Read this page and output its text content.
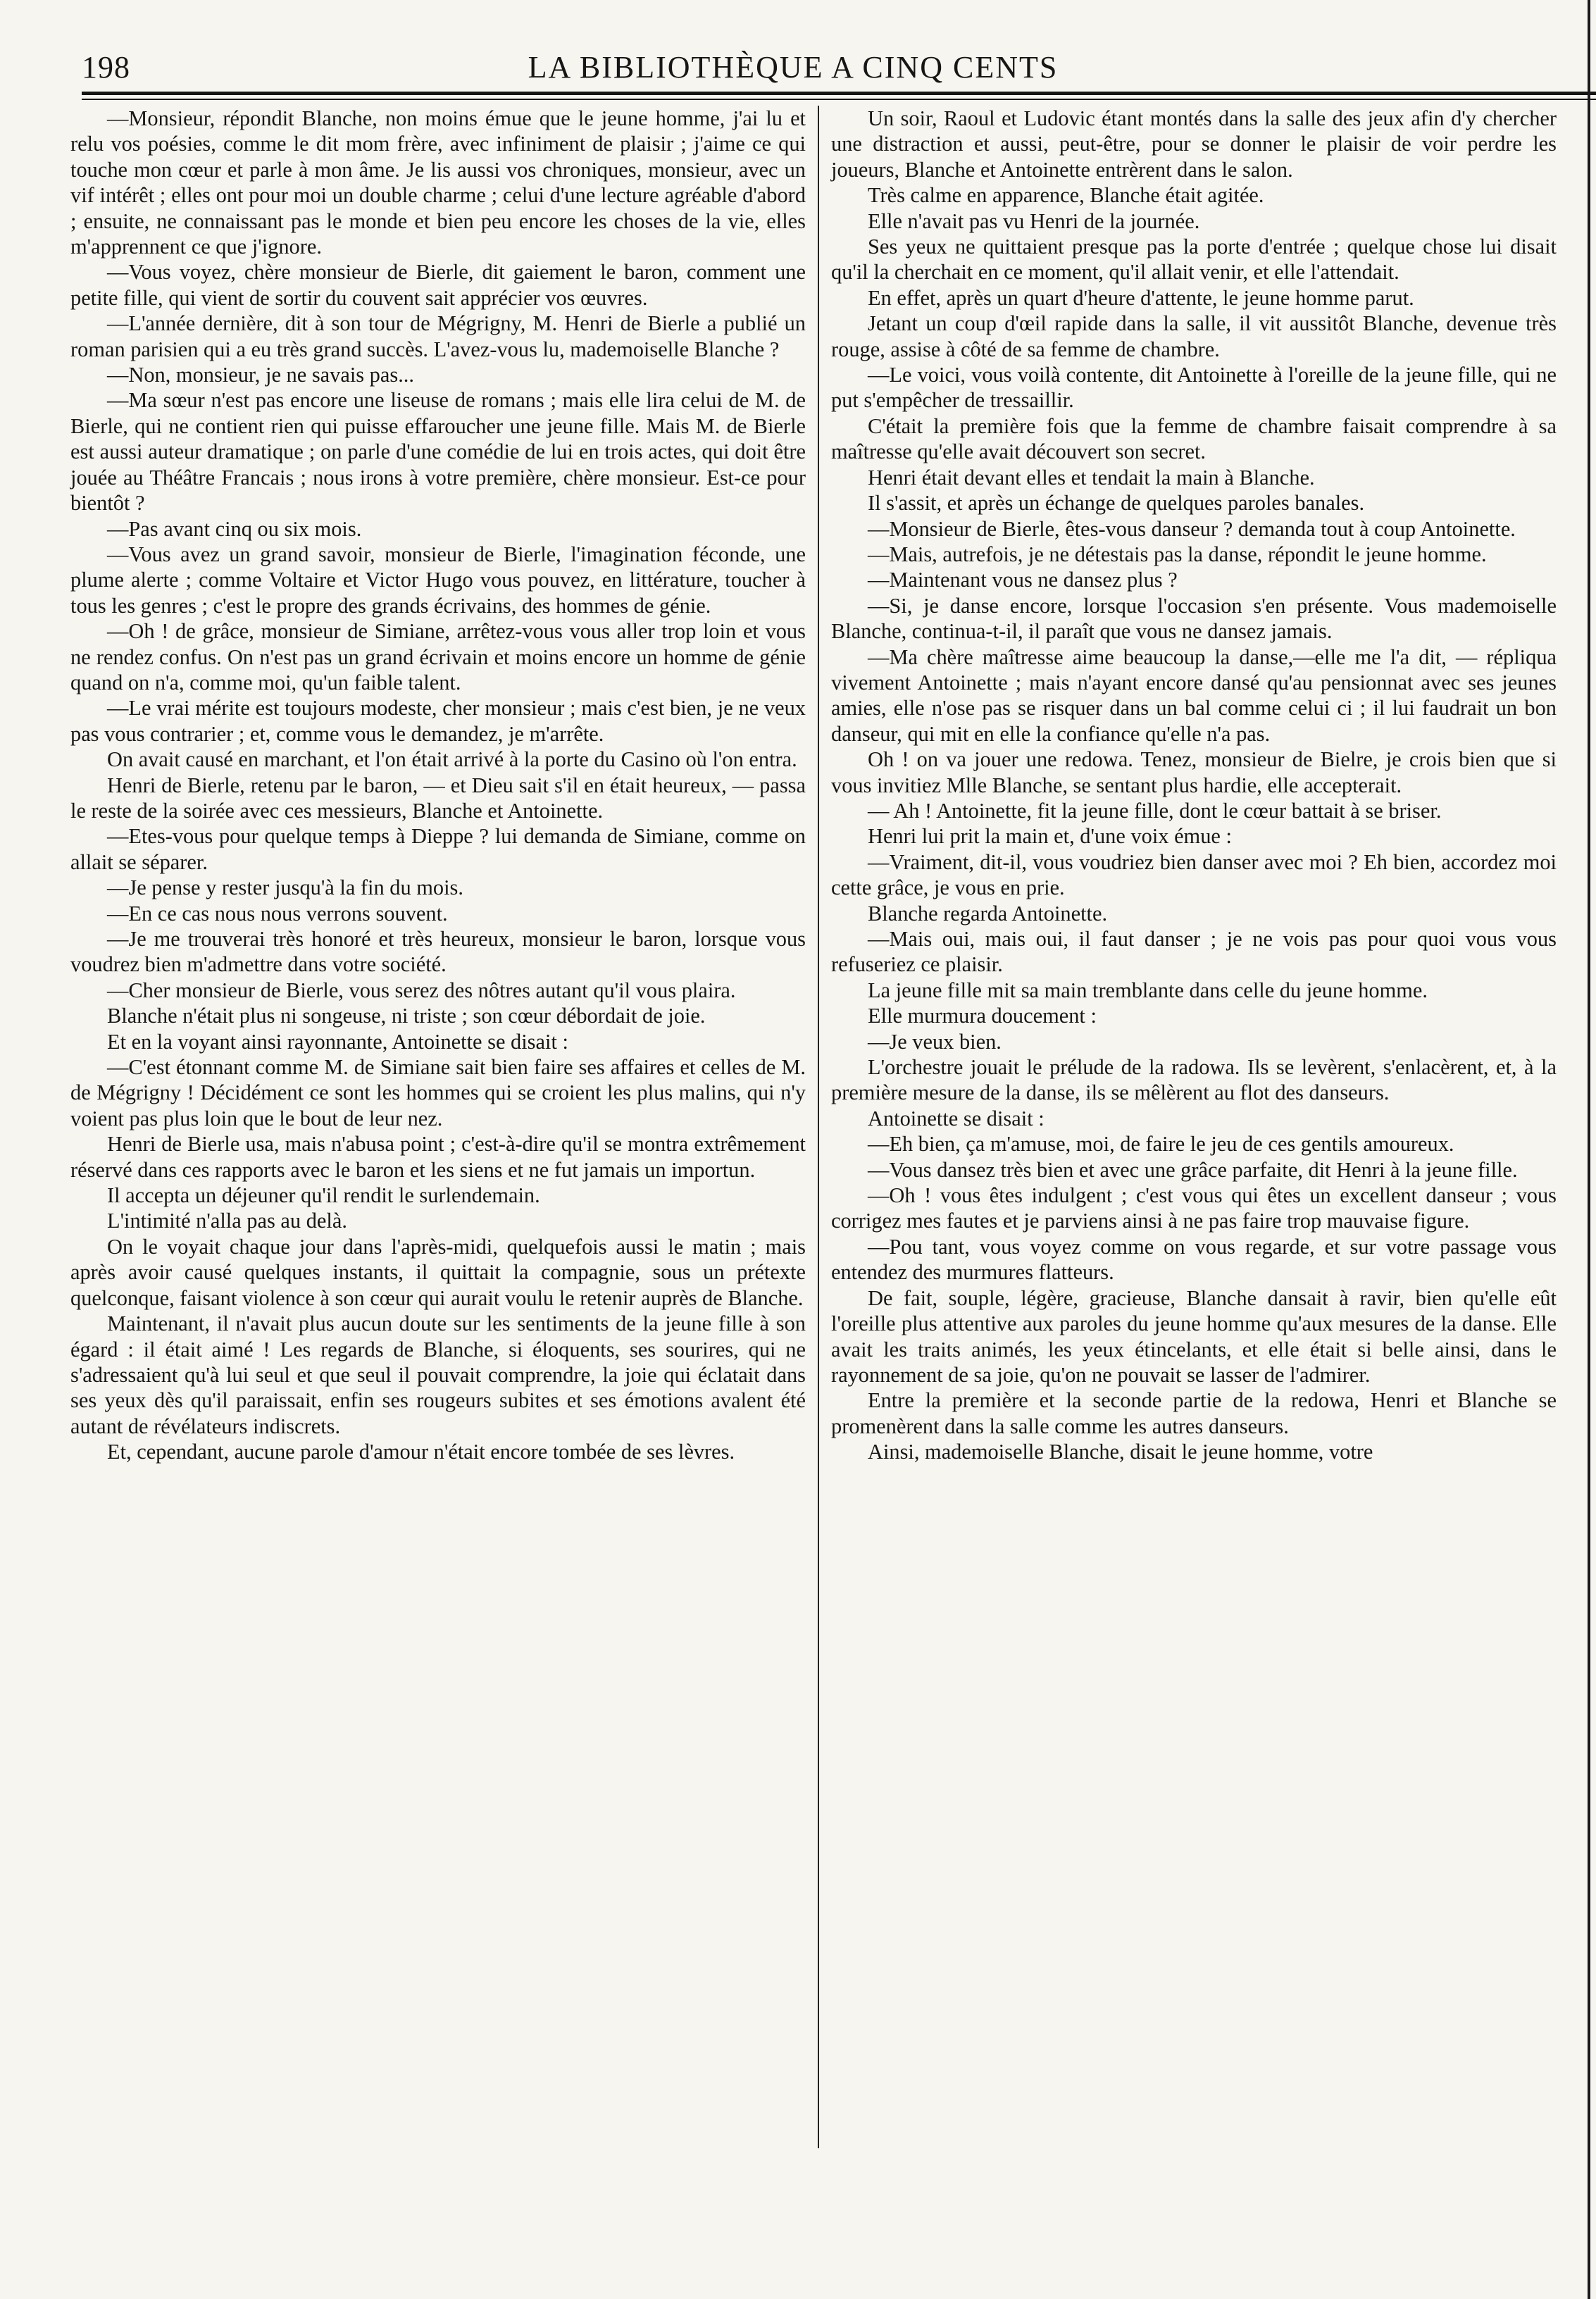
198	LA BIBLIOTHÈQUE A CINQ CENTS

—Monsieur, répondit Blanche, non moins émue que le jeune homme, j'ai lu et relu vos poésies, comme le dit mom frère, avec infiniment de plaisir ; j'aime ce qui touche mon cœur et parle à mon âme. Je lis aussi vos chroniques, monsieur, avec un vif intérêt ; elles ont pour moi un double charme ; celui d'une lecture agréable d'abord ; ensuite, ne connaissant pas le monde et bien peu encore les choses de la vie, elles m'apprennent ce que j'ignore.

—Vous voyez, chère monsieur de Bierle, dit gaiement le baron, comment une petite fille, qui vient de sortir du couvent sait apprécier vos œuvres.

—L'année dernière, dit à son tour de Mégrigny, M. Henri de Bierle a publié un roman parisien qui a eu très grand succès. L'avez-vous lu, mademoiselle Blanche ?

—Non, monsieur, je ne savais pas...

—Ma sœur n'est pas encore une liseuse de romans ; mais elle lira celui de M. de Bierle, qui ne contient rien qui puisse effaroucher une jeune fille. Mais M. de Bierle est aussi auteur dramatique ; on parle d'une comédie de lui en trois actes, qui doit être jouée au Théâtre Francais ; nous irons à votre première, chère monsieur. Est-ce pour bientôt ?

—Pas avant cinq ou six mois.

—Vous avez un grand savoir, monsieur de Bierle, l'imagination féconde, une plume alerte ; comme Voltaire et Victor Hugo vous pouvez, en littérature, toucher à tous les genres ; c'est le propre des grands écrivains, des hommes de génie.

—Oh ! de grâce, monsieur de Simiane, arrêtez-vous vous aller trop loin et vous ne rendez confus. On n'est pas un grand écrivain et moins encore un homme de génie quand on n'a, comme moi, qu'un faible talent.

—Le vrai mérite est toujours modeste, cher monsieur ; mais c'est bien, je ne veux pas vous contrarier ; et, comme vous le demandez, je m'arrête.

On avait causé en marchant, et l'on était arrivé à la porte du Casino où l'on entra.

Henri de Bierle, retenu par le baron, — et Dieu sait s'il en était heureux, — passa le reste de la soirée avec ces messieurs, Blanche et Antoinette.

—Etes-vous pour quelque temps à Dieppe ? lui demanda de Simiane, comme on allait se séparer.

—Je pense y rester jusqu'à la fin du mois.

—En ce cas nous nous verrons souvent.

—Je me trouverai très honoré et très heureux, monsieur le baron, lorsque vous voudrez bien m'admettre dans votre société.

—Cher monsieur de Bierle, vous serez des nôtres autant qu'il vous plaira.

Blanche n'était plus ni songeuse, ni triste ; son cœur débordait de joie.

Et en la voyant ainsi rayonnante, Antoinette se disait :

—C'est étonnant comme M. de Simiane sait bien faire ses affaires et celles de M. de Mégrigny ! Décidément ce sont les hommes qui se croient les plus malins, qui n'y voient pas plus loin que le bout de leur nez.

Henri de Bierle usa, mais n'abusa point ; c'est-à-dire qu'il se montra extrêmement réservé dans ces rapports avec le baron et les siens et ne fut jamais un importun.

Il accepta un déjeuner qu'il rendit le surlendemain.

L'intimité n'alla pas au delà.

On le voyait chaque jour dans l'après-midi, quelquefois aussi le matin ; mais après avoir causé quelques instants, il quittait la compagnie, sous un prétexte quelconque, faisant violence à son cœur qui aurait voulu le retenir auprès de Blanche.

Maintenant, il n'avait plus aucun doute sur les sentiments de la jeune fille à son égard : il était aimé ! Les regards de Blanche, si éloquents, ses sourires, qui ne s'adressaient qu'à lui seul et que seul il pouvait comprendre, la joie qui éclatait dans ses yeux dès qu'il paraissait, enfin ses rougeurs subites et ses émotions avalent été autant de révélateurs indiscrets.

Et, cependant, aucune parole d'amour n'était encore tombée de ses lèvres.

Un soir, Raoul et Ludovic étant montés dans la salle des jeux afin d'y chercher une distraction et aussi, peut-être, pour se donner le plaisir de voir perdre les joueurs, Blanche et Antoinette entrèrent dans le salon.

Très calme en apparence, Blanche était agitée.

Elle n'avait pas vu Henri de la journée.

Ses yeux ne quittaient presque pas la porte d'entrée ; quelque chose lui disait qu'il la cherchait en ce moment, qu'il allait venir, et elle l'attendait.

En effet, après un quart d'heure d'attente, le jeune homme parut.

Jetant un coup d'œil rapide dans la salle, il vit aussitôt Blanche, devenue très rouge, assise à côté de sa femme de chambre.

—Le voici, vous voilà contente, dit Antoinette à l'oreille de la jeune fille, qui ne put s'empêcher de tressaillir.

C'était la première fois que la femme de chambre faisait comprendre à sa maîtresse qu'elle avait découvert son secret.

Henri était devant elles et tendait la main à Blanche.

Il s'assit, et après un échange de quelques paroles banales.

—Monsieur de Bierle, êtes-vous danseur ? demanda tout à coup Antoinette.

—Mais, autrefois, je ne détestais pas la danse, répondit le jeune homme.

—Maintenant vous ne dansez plus ?

—Si, je danse encore, lorsque l'occasion s'en présente. Vous mademoiselle Blanche, continua-t-il, il paraît que vous ne dansez jamais.

—Ma chère maîtresse aime beaucoup la danse,—elle me l'a dit, — répliqua vivement Antoinette ; mais n'ayant encore dansé qu'au pensionnat avec ses jeunes amies, elle n'ose pas se risquer dans un bal comme celui ci ; il lui faudrait un bon danseur, qui mit en elle la confiance qu'elle n'a pas.

Oh ! on va jouer une redowa. Tenez, monsieur de Bielre, je crois bien que si vous invitiez Mlle Blanche, se sentant plus hardie, elle accepterait.

— Ah ! Antoinette, fit la jeune fille, dont le cœur battait à se briser.

Henri lui prit la main et, d'une voix émue :

—Vraiment, dit-il, vous voudriez bien danser avec moi ? Eh bien, accordez moi cette grâce, je vous en prie.

Blanche regarda Antoinette.

—Mais oui, mais oui, il faut danser ; je ne vois pas pour quoi vous vous refuseriez ce plaisir.

La jeune fille mit sa main tremblante dans celle du jeune homme.

Elle murmura doucement :

—Je veux bien.

L'orchestre jouait le prélude de la radowa. Ils se levèrent, s'enlacèrent, et, à la première mesure de la danse, ils se mêlèrent au flot des danseurs.

Antoinette se disait :

—Eh bien, ça m'amuse, moi, de faire le jeu de ces gentils amoureux.

—Vous dansez très bien et avec une grâce parfaite, dit Henri à la jeune fille.

—Oh ! vous êtes indulgent ; c'est vous qui êtes un excellent danseur ; vous corrigez mes fautes et je parviens ainsi à ne pas faire trop mauvaise figure.

—Pou tant, vous voyez comme on vous regarde, et sur votre passage vous entendez des murmures flatteurs.

De fait, souple, légère, gracieuse, Blanche dansait à ravir, bien qu'elle eût l'oreille plus attentive aux paroles du jeune homme qu'aux mesures de la danse. Elle avait les traits animés, les yeux étincelants, et elle était si belle ainsi, dans le rayonnement de sa joie, qu'on ne pouvait se lasser de l'admirer.

Entre la première et la seconde partie de la redowa, Henri et Blanche se promenèrent dans la salle comme les autres danseurs.

Ainsi, mademoiselle Blanche, disait le jeune homme, votre
